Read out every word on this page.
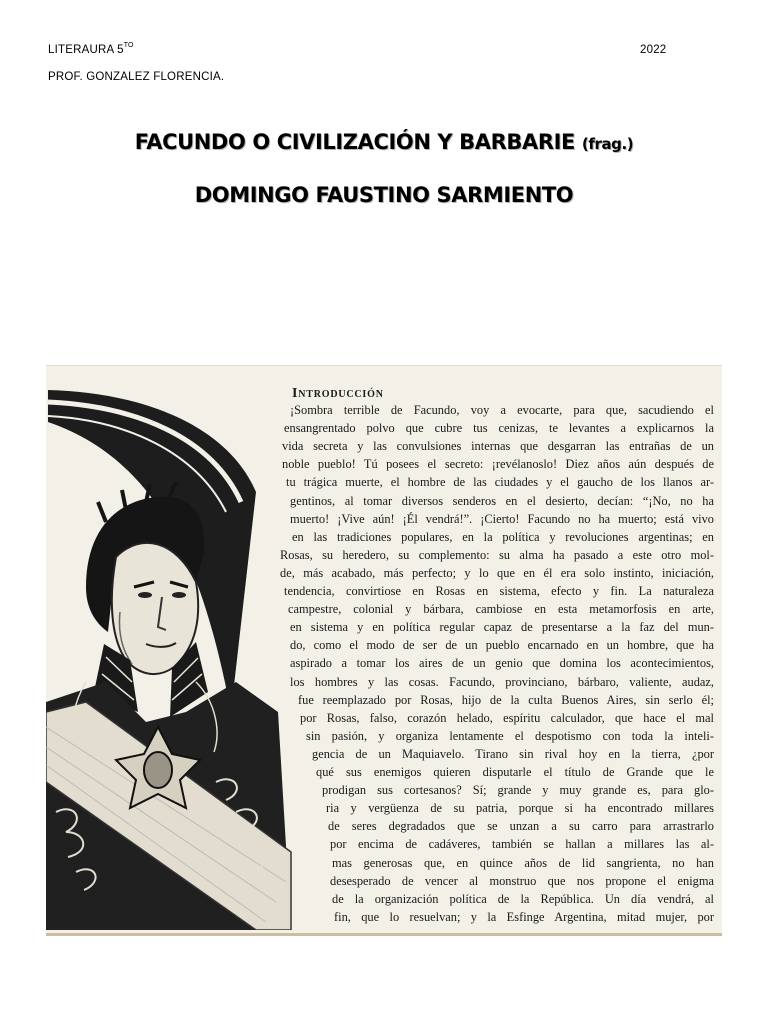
LITERAURA $5^{TO}$	2022
PROF. GONZALEZ FLORENCIA.
FACUNDO O CIVILIZACIÓN Y BARBARIE (frag.)
DOMINGO FAUSTINO SARMIENTO
Introducción
¡Sombra terrible de Facundo, voy a evocarte, para que, sacudiendo el
ensangrentado polvo que cubre tus cenizas, te levantes a explicarnos la
vida secreta y las convulsiones internas que desgarran las entrañas de un
noble pueblo! Tú posees el secreto: ¡revélanoslo! Diez años aún después de
tu trágica muerte, el hombre de las ciudades y el gaucho de los llanos ar-
gentinos, al tomar diversos senderos en el desierto, decían: “¡No, no ha
muerto! ¡Vive aún! ¡Él vendrá!”. ¡Cierto! Facundo no ha muerto; está vivo
en las tradiciones populares, en la política y revoluciones argentinas; en
Rosas, su heredero, su complemento: su alma ha pasado a este otro mol-
de, más acabado, más perfecto; y lo que en él era solo instinto, iniciación,
tendencia, convirtiose en Rosas en sistema, efecto y fin. La naturaleza
campestre, colonial y bárbara, cambiose en esta metamorfosis en arte,
en sistema y en política regular capaz de presentarse a la faz del mun-
do, como el modo de ser de un pueblo encarnado en un hombre, que ha
aspirado a tomar los aires de un genio que domina los acontecimientos,
los hombres y las cosas. Facundo, provinciano, bárbaro, valiente, audaz,
fue reemplazado por Rosas, hijo de la culta Buenos Aires, sin serlo él;
por Rosas, falso, corazón helado, espíritu calculador, que hace el mal
sin pasión, y organiza lentamente el despotismo con toda la inteli-
gencia de un Maquiavelo. Tirano sin rival hoy en la tierra, ¿por
qué sus enemigos quieren disputarle el título de Grande que le
prodigan sus cortesanos? Sí; grande y muy grande es, para glo-
ria y vergüenza de su patria, porque si ha encontrado millares
de seres degradados que se unzan a su carro para arrastrarlo
por encima de cadáveres, también se hallan a millares las al-
mas generosas que, en quince años de lid sangrienta, no han
desesperado de vencer al monstruo que nos propone el enigma
de la organización política de la República. Un día vendrá, al
fin, que lo resuelvan; y la Esfinge Argentina, mitad mujer, por
